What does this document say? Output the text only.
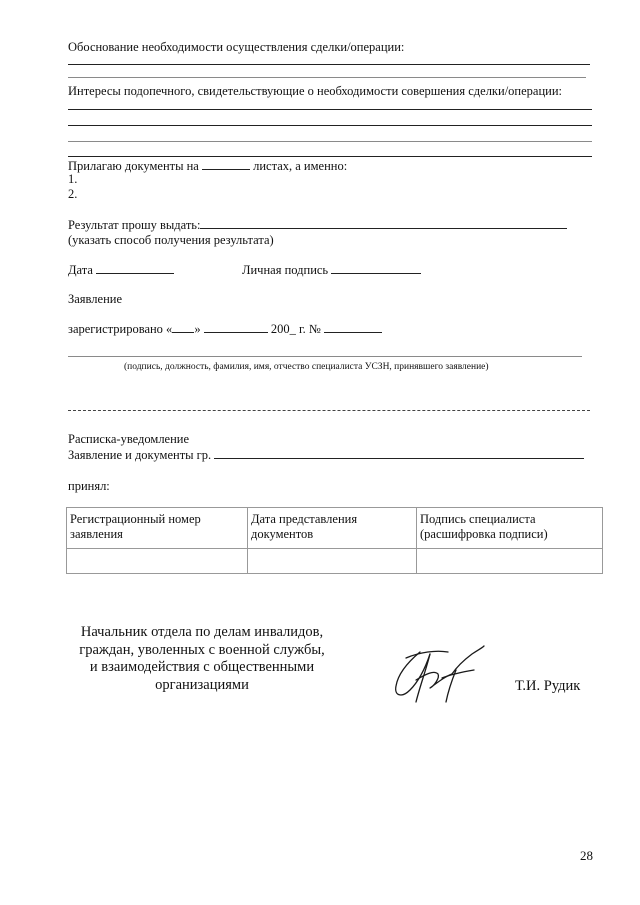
Обоснование необходимости осуществления сделки/операции:
Интересы подопечного, свидетельствующие о необходимости совершения сделки/операции:
Прилагаю документы на	листах, а именно:
1.
2.
Результат прошу выдать:
(указать способ получения результата)
Дата	Личная подпись
Заявление
зарегистрировано « »	200_ г. №
(подпись, должность, фамилия, имя, отчество специалиста УСЗН, принявшего заявление)
Расписка-уведомление
Заявление и документы гр.
принял:
Регистрационный номер заявления	Дата представления документов	Подпись специалиста (расшифровка подписи)

Начальник отдела по делам инвалидов,
граждан, уволенных с военной службы,
и взаимодействия с общественными
организациями	Т.И. Рудик
28
